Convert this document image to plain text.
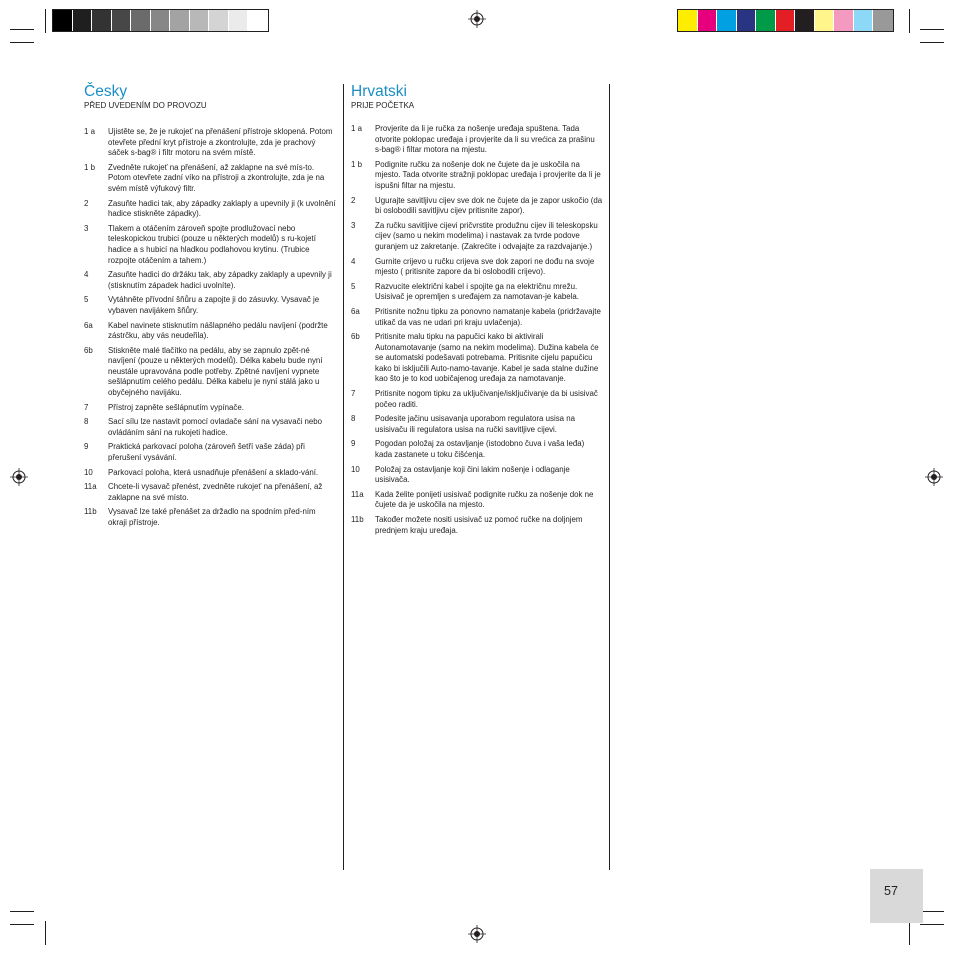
Česky
PŘED UVEDENÍM DO PROVOZU
1 a	Ujistěte se, že je rukojeť na přenášení přístroje sklopená. Potom otevřete přední kryt přístroje a zkontrolujte, zda je prachový sáček s-bag® i filtr motoru na svém místě.
1 b	Zvedněte rukojeť na přenášení, až zaklapne na své mís-to. Potom otevřete zadní víko na přístroji a zkontrolujte, zda je na svém místě výfukový filtr.
2	Zasuňte hadici tak, aby západky zaklaply a upevnily ji (k uvolnění hadice stiskněte západky).
3	Tlakem a otáčením zároveň spojte prodlužovací nebo teleskopickou trubici (pouze u některých modelů) s ru-kojetí hadice a s hubicí na hladkou podlahovou krytinu. (Trubice rozpojte otáčením a tahem.)
4	Zasuňte hadici do držáku tak, aby západky zaklaply a upevnily ji (stisknutím západek hadici uvolníte).
5	Vytáhněte přívodní šňůru a zapojte ji do zásuvky. Vysavač je vybaven navijákem šňůry.
6a	Kabel navinete stisknutím nášlapného pedálu navíjení (podržte zástrčku, aby vás neudeřila).
6b	Stiskněte malé tlačítko na pedálu, aby se zapnulo zpět-né navíjení (pouze u některých modelů). Délka kabelu bude nyní neustále upravována podle potřeby. Zpětné navíjení vypnete sešlápnutím celého pedálu. Délka kabelu je nyní stálá jako u obyčejného navijáku.
7	Přístroj zapněte sešlápnutím vypínače.
8	Sací sílu lze nastavit pomocí ovladače sání na vysavači nebo ovládáním sání na rukojeti hadice.
9	Praktická parkovací poloha (zároveň šetří vaše záda) při přerušení vysávání.
10	Parkovací poloha, která usnadňuje přenášení a sklado-vání.
11a	Chcete-li vysavač přenést, zvedněte rukojeť na přenášení, až zaklapne na své místo.
11b	Vysavač lze také přenášet za držadlo na spodním před-ním okraji přístroje.
Hrvatski
PRIJE POČETKA
1 a	Provjerite da li je ručka za nošenje uređaja spuštena. Tada otvorite poklopac uređaja i provjerite da li su vrećica za prašinu s-bag® i filtar motora na mjestu.
1 b	Podignite ručku za nošenje dok ne čujete da je uskočila na mjesto. Tada otvorite stražnji poklopac uređaja i provjerite da li je ispušni filtar na mjestu.
2	Ugurajte savitljivu cijev sve dok ne čujete da je zapor uskočio (da bi oslobodili savitljivu cijev pritisnite zapor).
3	Za ručku savitljive cijevi pričvrstite produžnu cijev ili teleskopsku cijev (samo u nekim modelima) i nastavak za tvrde podove guranjem uz zakretanje. (Zakrećite i odvajajte za razdvajanje.)
4	Gurnite crijevo u ručku crijeva sve dok zapori ne dođu na svoje mjesto ( pritisnite zapore da bi oslobodili crijevo).
5	Razvucite električni kabel i spojite ga na električnu mrežu. Usisivač je opremljen s uređajem za namotavan-je kabela.
6a	Pritisnite nožnu tipku za ponovno namatanje kabela (pridržavajte utikač da vas ne udari pri kraju uvlačenja).
6b	Pritisnite malu tipku na papučici kako bi aktivirali Autonamotavanje (samo na nekim modelima). Dužina kabela će se automatski podešavati potrebama. Pritisnite cijelu papučicu kako bi isključili Auto-namo-tavanje. Kabel je sada stalne dužine kao što je to kod uobičajenog uređaja za namotavanje.
7	Pritisnite nogom tipku za uključivanje/isključivanje da bi usisivač počeo raditi.
8	Podesite jačinu usisavanja uporabom regulatora usisa na usisivaču ili regulatora usisa na ručki savitljive cijevi.
9	Pogodan položaj za ostavljanje (istodobno čuva i vaša leđa) kada zastanete u toku čišćenja.
10	Položaj za ostavljanje koji čini lakim nošenje i odlaganje usisivača.
11a	Kada želite ponijeti usisivač podignite ručku za nošenje dok ne čujete da je uskočila na mjesto.
11b	Također možete nositi usisivač uz pomoć ručke na doljnjem prednjem kraju uređaja.
57
